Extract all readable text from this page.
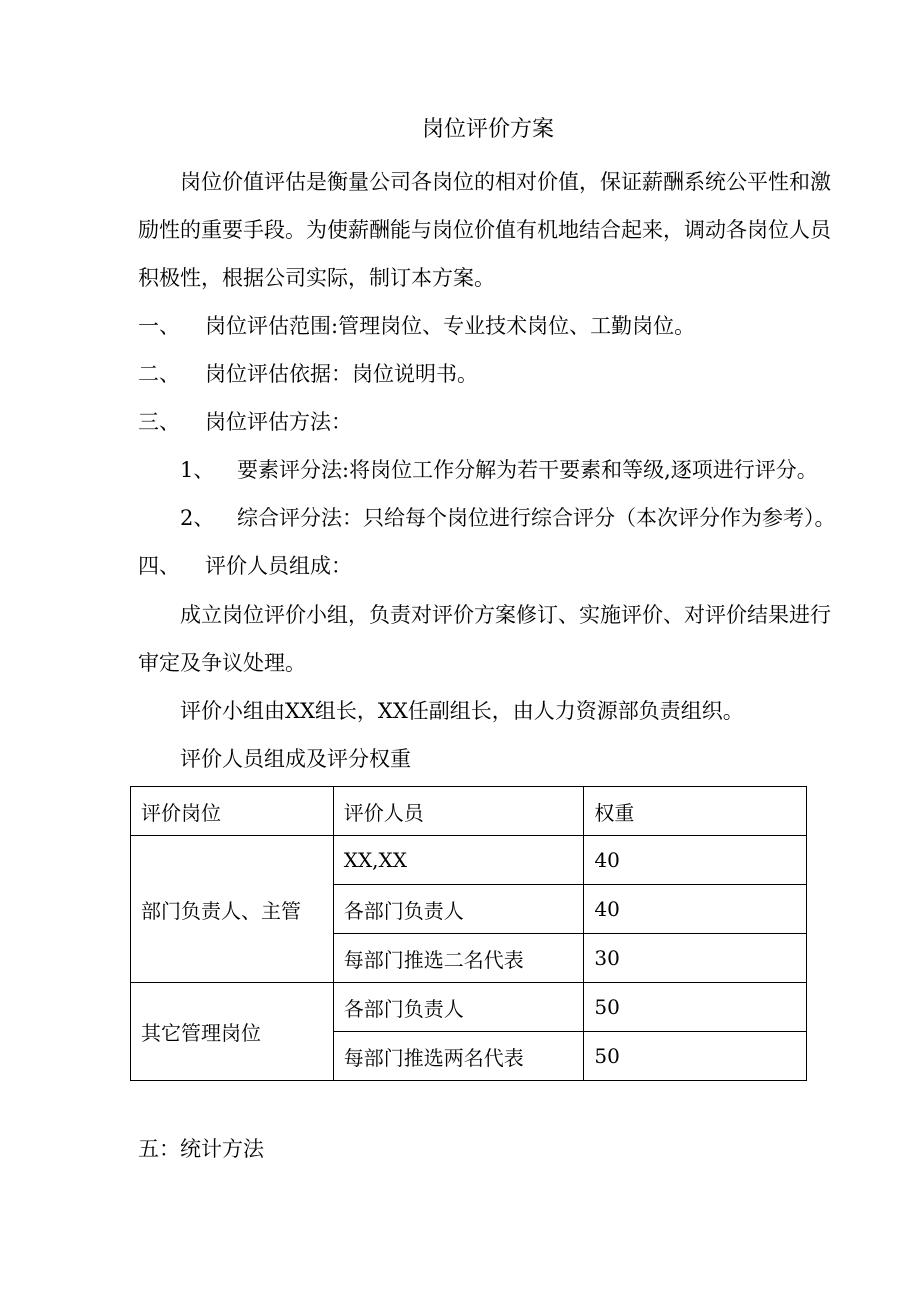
岗位评价方案

岗位价值评估是衡量公司各岗位的相对价值，保证薪酬系统公平性和激励性的重要手段。为使薪酬能与岗位价值有机地结合起来，调动各岗位人员积极性，根据公司实际，制订本方案。

一、 岗位评估范围:管理岗位、专业技术岗位、工勤岗位。

二、 岗位评估依据：岗位说明书。

三、 岗位评估方法：

1、 要素评分法:将岗位工作分解为若干要素和等级,逐项进行评分。

2、 综合评分法：只给每个岗位进行综合评分（本次评分作为参考）。

四、 评价人员组成：

成立岗位评价小组，负责对评价方案修订、实施评价、对评价结果进行审定及争议处理。

评价小组由XX组长，XX任副组长，由人力资源部负责组织。

评价人员组成及评分权重

评价岗位	评价人员	权重
部门负责人、主管	XX,XX	40
	各部门负责人	40
	每部门推选二名代表	30
其它管理岗位	各部门负责人	50
	每部门推选两名代表	50

五：统计方法
